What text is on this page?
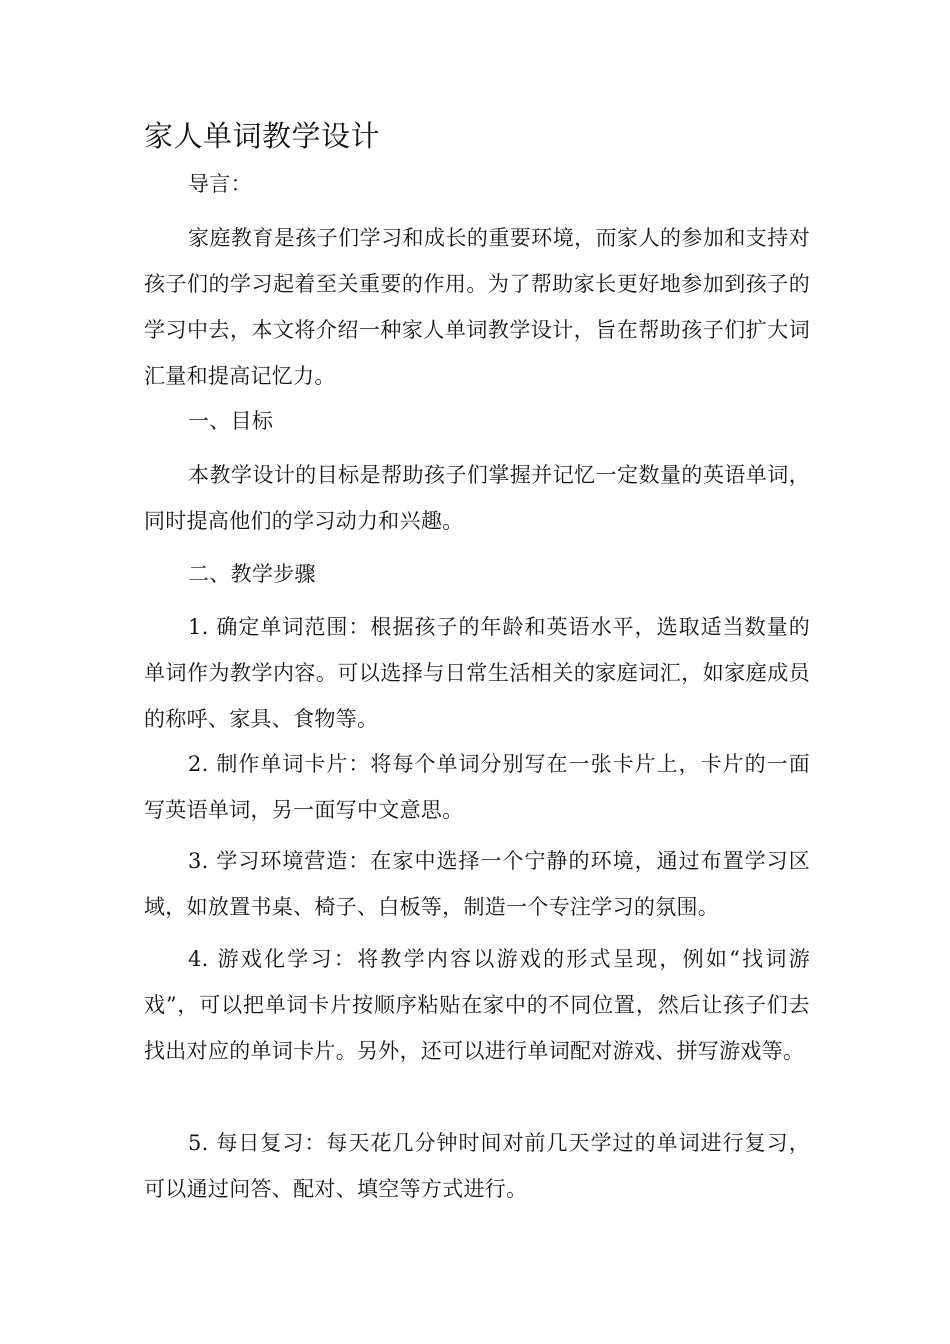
家人单词教学设计

导言：

家庭教育是孩子们学习和成长的重要环境，而家人的参加和支持对孩子们的学习起着至关重要的作用。为了帮助家长更好地参加到孩子的学习中去，本文将介绍一种家人单词教学设计，旨在帮助孩子们扩大词汇量和提高记忆力。

一、目标

本教学设计的目标是帮助孩子们掌握并记忆一定数量的英语单词，同时提高他们的学习动力和兴趣。

二、教学步骤

1. 确定单词范围：根据孩子的年龄和英语水平，选取适当数量的单词作为教学内容。可以选择与日常生活相关的家庭词汇，如家庭成员的称呼、家具、食物等。

2. 制作单词卡片：将每个单词分别写在一张卡片上，卡片的一面写英语单词，另一面写中文意思。

3. 学习环境营造：在家中选择一个宁静的环境，通过布置学习区域，如放置书桌、椅子、白板等，制造一个专注学习的氛围。

4. 游戏化学习：将教学内容以游戏的形式呈现，例如“找词游戏”，可以把单词卡片按顺序粘贴在家中的不同位置，然后让孩子们去找出对应的单词卡片。另外，还可以进行单词配对游戏、拼写游戏等。

5. 每日复习：每天花几分钟时间对前几天学过的单词进行复习，可以通过问答、配对、填空等方式进行。
